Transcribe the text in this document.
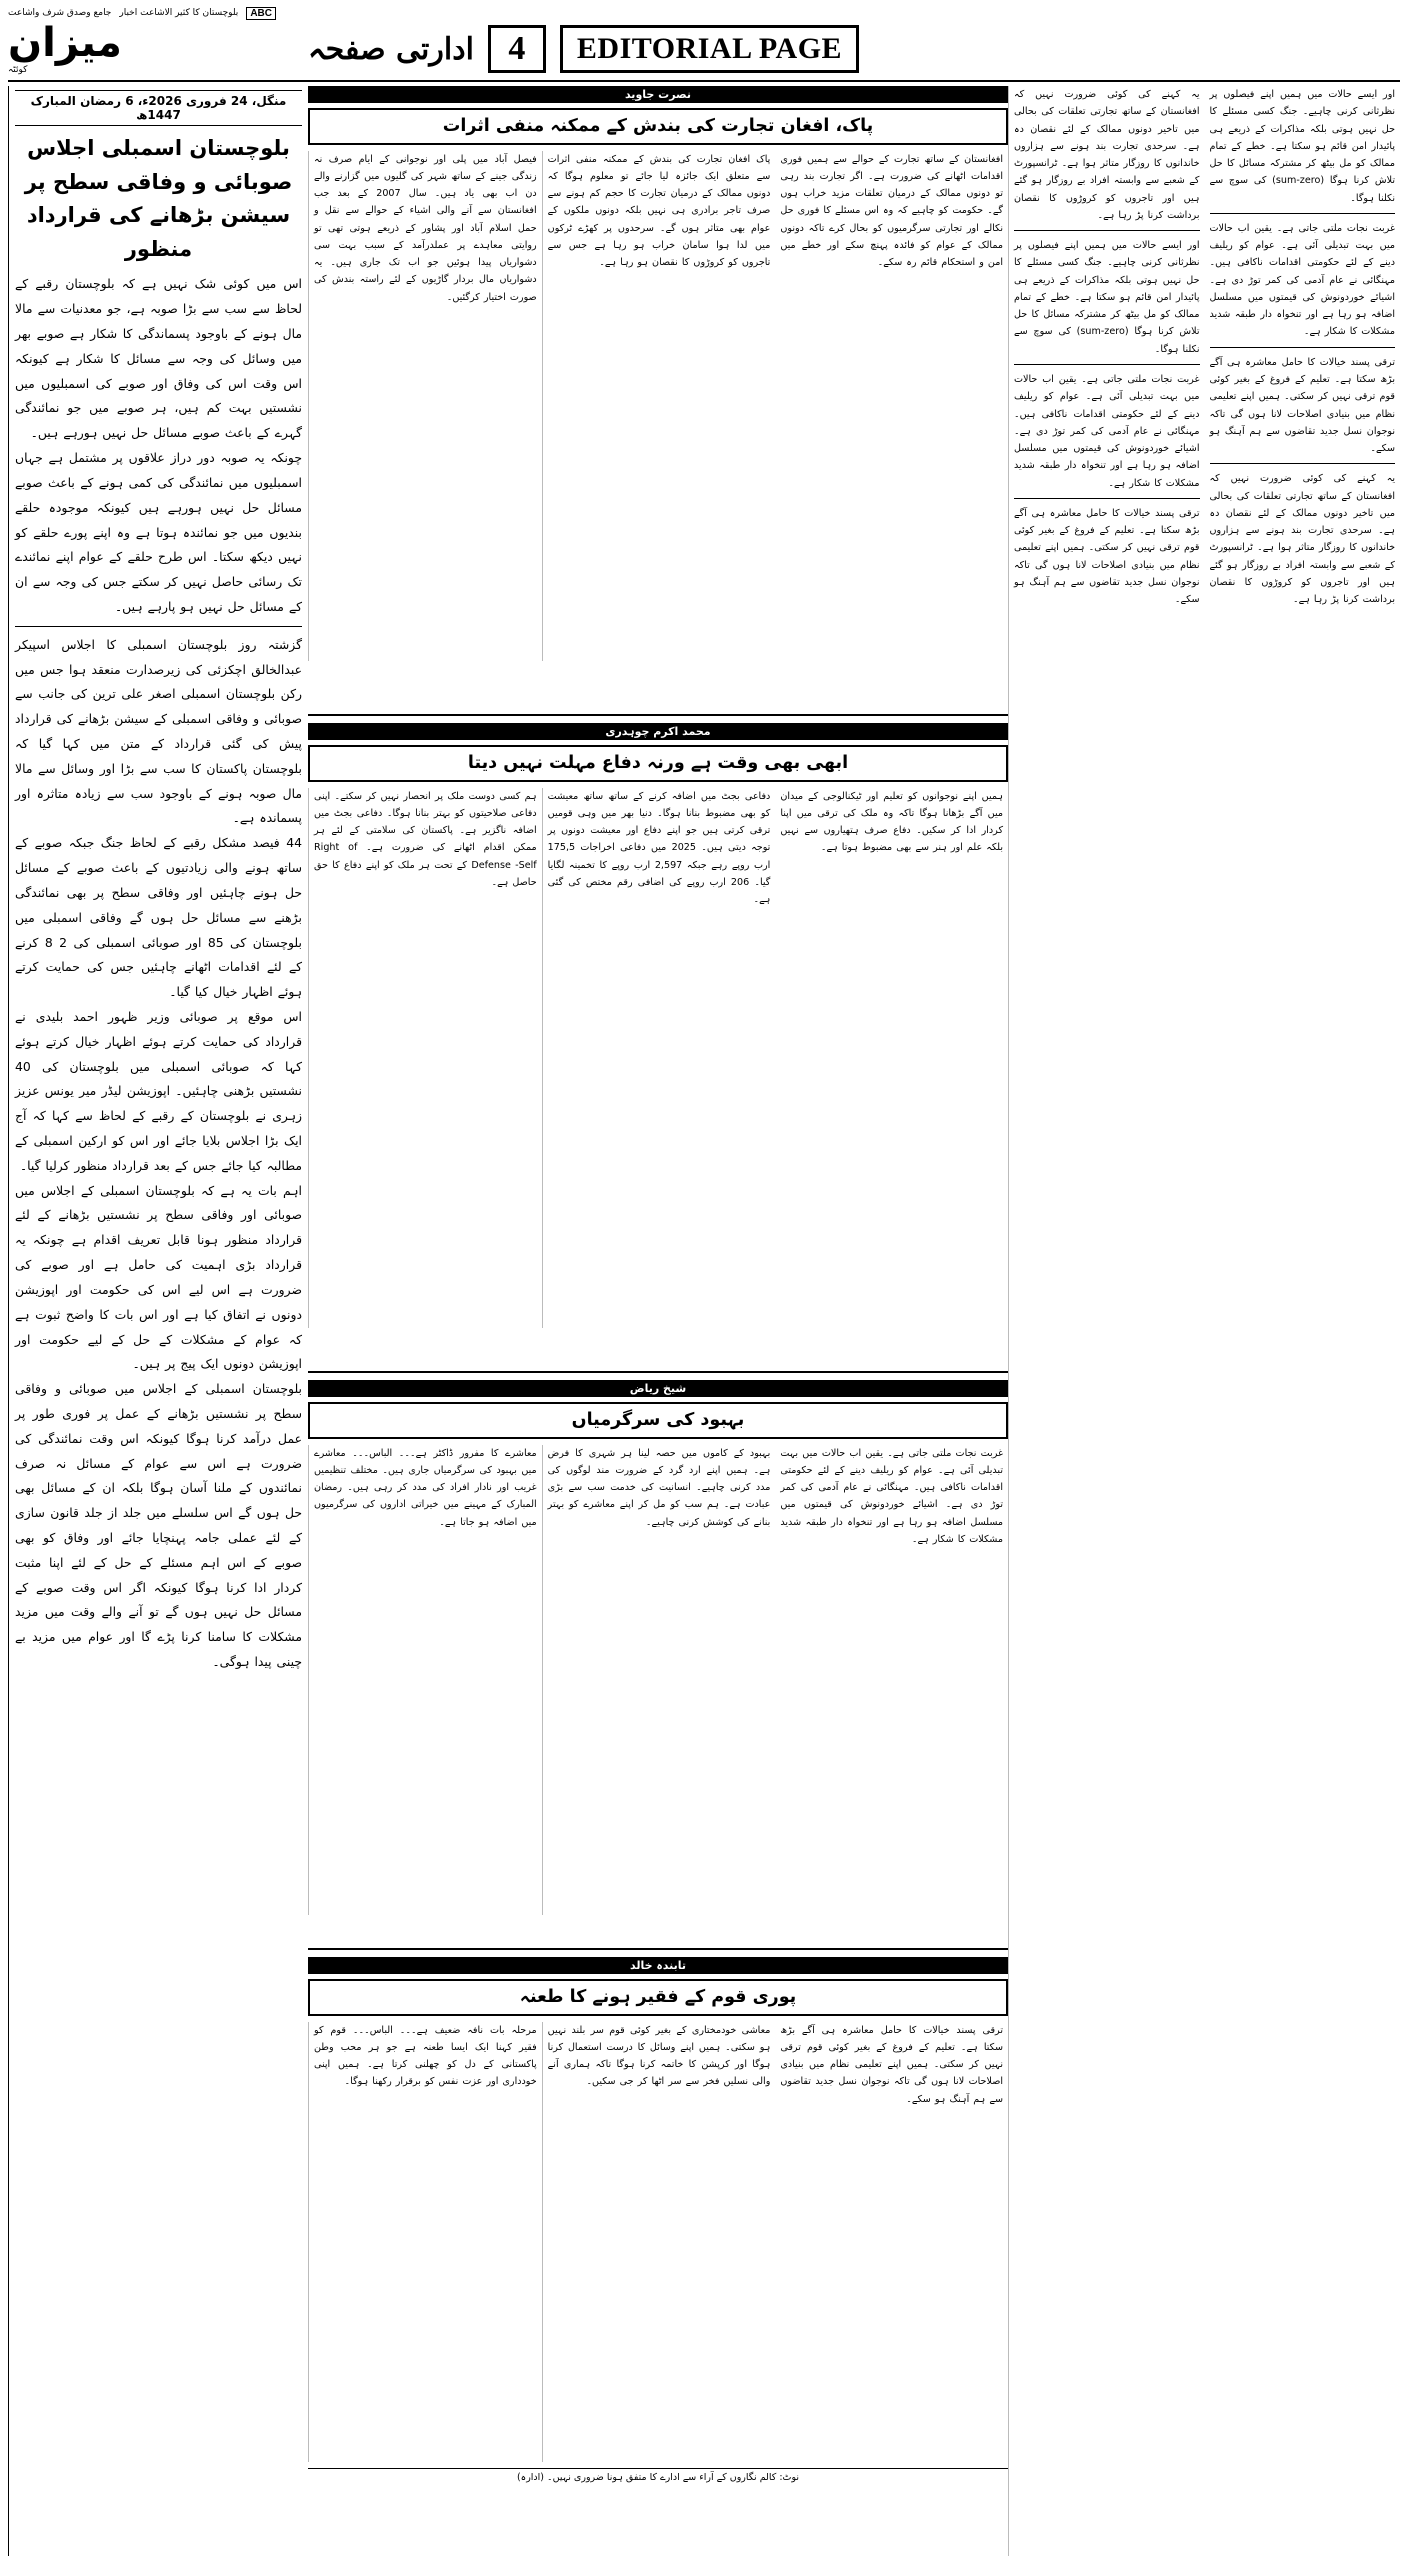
جامع وصدق شرف واشاعت بلوچستان کا کثیر الاشاعت اخبار	ABC
میزان
کوئٹہ
ادارتی صفحہ	4	EDITORIAL PAGE
منگل، 24 فروری 2026ء، 6 رمضان المبارک 1447ھ
بلوچستان اسمبلی اجلاس صوبائی و وفاقی سطح پر سیشن بڑھانے کی قرارداد منظور
اس میں کوئی شک نہیں ہے کہ بلوچستان رقبے کے لحاظ سے سب سے بڑا صوبہ ہے، جو معدنیات سے مالا مال ہونے کے باوجود پسماندگی کا شکار ہے صوبے بھر میں وسائل کی وجہ سے مسائل کا شکار ہے کیونکہ اس وقت اس کی وفاق اور صوبے کی اسمبلیوں میں نشستیں بہت کم ہیں، ہر صوبے میں جو نمائندگی گہرے کے باعث صوبے مسائل حل نہیں ہورہے ہیں۔
چونکہ یہ صوبہ دور دراز علاقوں پر مشتمل ہے جہاں اسمبلیوں میں نمائندگی کی کمی ہونے کے باعث صوبے مسائل حل نہیں ہورہے ہیں کیونکہ موجودہ حلقے بندیوں میں جو نمائندہ ہوتا ہے وہ اپنے پورے حلقے کو نہیں دیکھ سکتا۔ اس طرح حلقے کے عوام اپنے نمائندے تک رسائی حاصل نہیں کر سکتے جس کی وجہ سے ان کے مسائل حل نہیں ہو پارہے ہیں۔
گزشتہ روز بلوچستان اسمبلی کا اجلاس اسپیکر عبدالخالق اچکزئی کی زیرصدارت منعقد ہوا جس میں رکن بلوچستان اسمبلی اصغر علی ترین کی جانب سے صوبائی و وفاقی اسمبلی کے سیشن بڑھانے کی قرارداد پیش کی گئی قرارداد کے متن میں کہا گیا کہ بلوچستان پاکستان کا سب سے بڑا اور وسائل سے مالا مال صوبہ ہونے کے باوجود سب سے زیادہ متاثرہ اور پسماندہ ہے۔
44 فیصد مشکل رقبے کے لحاظ جنگ جبکہ صوبے کے ساتھ ہونے والی زیادتیوں کے باعث صوبے کے مسائل حل ہونے چاہئیں اور وفاقی سطح پر بھی نمائندگی بڑھنے سے مسائل حل ہوں گے وفاقی اسمبلی میں بلوچستان کی 85 اور صوبائی اسمبلی کی 2 8 کرنے کے لئے اقدامات اٹھانے چاہئیں جس کی حمایت کرتے ہوئے اظہار خیال کیا گیا۔
اس موقع پر صوبائی وزیر ظہور احمد بلیدی نے قرارداد کی حمایت کرتے ہوئے اظہار خیال کرتے ہوئے کہا کہ صوبائی اسمبلی میں بلوچستان کی 40 نشستیں بڑھنی چاہئیں۔ اپوزیشن لیڈر میر یونس عزیز زہری نے بلوچستان کے رقبے کے لحاظ سے کہا کہ آج ایک بڑا اجلاس بلایا جائے اور اس کو ارکین اسمبلی کے مطالبہ کیا جائے جس کے بعد قرارداد منظور کرلیا گیا۔
اہم بات یہ ہے کہ بلوچستان اسمبلی کے اجلاس میں صوبائی اور وفاقی سطح پر نشستیں بڑھانے کے لئے قرارداد منظور ہونا قابل تعریف اقدام ہے چونکہ یہ قرارداد بڑی اہمیت کی حامل ہے اور صوبے کی ضرورت ہے اس لیے اس کی حکومت اور اپوزیشن دونوں نے اتفاق کیا ہے اور اس بات کا واضح ثبوت ہے کہ عوام کے مشکلات کے حل کے لیے حکومت اور اپوزیشن دونوں ایک پیج پر ہیں۔
بلوچستان اسمبلی کے اجلاس میں صوبائی و وفاقی سطح پر نشستیں بڑھانے کے عمل پر فوری طور پر عمل درآمد کرنا ہوگا کیونکہ اس وقت نمائندگی کی ضرورت ہے اس سے عوام کے مسائل نہ صرف نمائندوں کے ملنا آسان ہوگا بلکہ ان کے مسائل بھی حل ہوں گے اس سلسلے میں جلد از جلد قانون سازی کے لئے عملی جامہ پہنچایا جائے اور وفاق کو بھی صوبے کے اس اہم مسئلے کے حل کے لئے اپنا مثبت کردار ادا کرنا ہوگا کیونکہ اگر اس وقت صوبے کے مسائل حل نہیں ہوں گے تو آنے والے وقت میں مزید مشکلات کا سامنا کرنا پڑے گا اور عوام میں مزید بے چینی پیدا ہوگی۔
نصرت جاوید
پاک، افغان تجارت کی بندش کے ممکنہ منفی اثرات
فیصل آباد میں پلی اور نوجوانی کے ایام صرف نہ زندگی جینے کے ساتھ شہر کی گلیوں میں گزارنے والے دن اب بھی یاد ہیں۔ سال 2007 کے بعد جب افغانستان سے آنے والی اشیاء کے حوالے سے نقل و حمل اسلام آباد اور پشاور کے ذریعے ہوتی تھی تو روایتی معاہدے پر عملدرآمد کے سبب بہت سی دشواریاں پیدا ہوئیں جو اب تک جاری ہیں۔ یہ دشواریاں مال بردار گاڑیوں کے لئے راستہ بندش کی صورت اختیار کرگئیں۔
پاک افغان تجارت کی بندش کے ممکنہ منفی اثرات سے متعلق ایک جائزہ لیا جائے تو معلوم ہوگا کہ دونوں ممالک کے درمیان تجارت کا حجم کم ہونے سے صرف تاجر برادری ہی نہیں بلکہ دونوں ملکوں کے عوام بھی متاثر ہوں گے۔ سرحدوں پر کھڑے ٹرکوں میں لدا ہوا سامان خراب ہو رہا ہے جس سے تاجروں کو کروڑوں کا نقصان ہو رہا ہے۔
افغانستان کے ساتھ تجارت کے حوالے سے ہمیں فوری اقدامات اٹھانے کی ضرورت ہے۔ اگر تجارت بند رہی تو دونوں ممالک کے درمیان تعلقات مزید خراب ہوں گے۔ حکومت کو چاہیے کہ وہ اس مسئلے کا فوری حل نکالے اور تجارتی سرگرمیوں کو بحال کرے تاکہ دونوں ممالک کے عوام کو فائدہ پہنچ سکے اور خطے میں امن و استحکام قائم رہ سکے۔
محمد اکرم چوہدری
ابھی بھی وقت ہے ورنہ دفاع مہلت نہیں دیتا
ہم کسی دوست ملک پر انحصار نہیں کر سکتے۔ اپنی دفاعی صلاحیتوں کو بہتر بنانا ہوگا۔ دفاعی بجٹ میں اضافہ ناگزیر ہے۔ پاکستان کی سلامتی کے لئے ہر ممکن اقدام اٹھانے کی ضرورت ہے۔ Right of Defense -Self کے تحت ہر ملک کو اپنے دفاع کا حق حاصل ہے۔
دفاعی بجٹ میں اضافہ کرنے کے ساتھ ساتھ معیشت کو بھی مضبوط بنانا ہوگا۔ دنیا بھر میں وہی قومیں ترقی کرتی ہیں جو اپنے دفاع اور معیشت دونوں پر توجہ دیتی ہیں۔ 2025 میں دفاعی اخراجات 175,5 ارب روپے رہے جبکہ 2,597 ارب روپے کا تخمینہ لگایا گیا۔ 206 ارب روپے کی اضافی رقم مختص کی گئی ہے۔
ہمیں اپنے نوجوانوں کو تعلیم اور ٹیکنالوجی کے میدان میں آگے بڑھانا ہوگا تاکہ وہ ملک کی ترقی میں اپنا کردار ادا کر سکیں۔ دفاع صرف ہتھیاروں سے نہیں بلکہ علم اور ہنر سے بھی مضبوط ہوتا ہے۔
شیخ ریاض
بہبود کی سرگرمیاں
معاشرے کا مفرور ڈاکٹر ہے۔۔۔ الباس۔۔۔ معاشرے میں بہبود کی سرگرمیاں جاری ہیں۔ مختلف تنظیمیں غریب اور نادار افراد کی مدد کر رہی ہیں۔ رمضان المبارک کے مہینے میں خیراتی اداروں کی سرگرمیوں میں اضافہ ہو جاتا ہے۔
بہبود کے کاموں میں حصہ لینا ہر شہری کا فرض ہے۔ ہمیں اپنے ارد گرد کے ضرورت مند لوگوں کی مدد کرنی چاہیے۔ انسانیت کی خدمت سب سے بڑی عبادت ہے۔ ہم سب کو مل کر اپنے معاشرے کو بہتر بنانے کی کوشش کرنی چاہیے۔
غربت نجات ملتی جاتی ہے۔ یقین اب حالات میں بہت تبدیلی آئی ہے۔ عوام کو ریلیف دینے کے لئے حکومتی اقدامات ناکافی ہیں۔ مہنگائی نے عام آدمی کی کمر توڑ دی ہے۔ اشیائے خوردونوش کی قیمتوں میں مسلسل اضافہ ہو رہا ہے اور تنخواہ دار طبقہ شدید مشکلات کا شکار ہے۔
تابندہ خالد
پوری قوم کے فقیر ہونے کا طعنہ
مرحلہ بات نافہ ضعیف ہے۔۔۔ الباس۔۔۔ قوم کو فقیر کہنا ایک ایسا طعنہ ہے جو ہر محب وطن پاکستانی کے دل کو چھلنی کرتا ہے۔ ہمیں اپنی خودداری اور عزت نفس کو برقرار رکھنا ہوگا۔
معاشی خودمختاری کے بغیر کوئی قوم سر بلند نہیں ہو سکتی۔ ہمیں اپنے وسائل کا درست استعمال کرنا ہوگا اور کرپشن کا خاتمہ کرنا ہوگا تاکہ ہماری آنے والی نسلیں فخر سے سر اٹھا کر جی سکیں۔
ترقی پسند خیالات کا حامل معاشرہ ہی آگے بڑھ سکتا ہے۔ تعلیم کے فروغ کے بغیر کوئی قوم ترقی نہیں کر سکتی۔ ہمیں اپنے تعلیمی نظام میں بنیادی اصلاحات لانا ہوں گی تاکہ نوجوان نسل جدید تقاضوں سے ہم آہنگ ہو سکے۔
نوٹ: کالم نگاروں کے آراء سے ادارے کا متفق ہونا ضروری نہیں۔ (ادارہ)
یہ کہنے کی کوئی ضرورت نہیں کہ افغانستان کے ساتھ تجارتی تعلقات کی بحالی میں تاخیر دونوں ممالک کے لئے نقصان دہ ہے۔ سرحدی تجارت بند ہونے سے ہزاروں خاندانوں کا روزگار متاثر ہوا ہے۔ ٹرانسپورٹ کے شعبے سے وابستہ افراد بے روزگار ہو گئے ہیں اور تاجروں کو کروڑوں کا نقصان برداشت کرنا پڑ رہا ہے۔
اور ایسے حالات میں ہمیں اپنے فیصلوں پر نظرثانی کرنی چاہیے۔ جنگ کسی مسئلے کا حل نہیں ہوتی بلکہ مذاکرات کے ذریعے ہی پائیدار امن قائم ہو سکتا ہے۔ خطے کے تمام ممالک کو مل بیٹھ کر مشترکہ مسائل کا حل تلاش کرنا ہوگا (sum-zero) کی سوچ سے نکلنا ہوگا۔
غربت نجات ملتی جاتی ہے۔ یقین اب حالات میں بہت تبدیلی آئی ہے۔ عوام کو ریلیف دینے کے لئے حکومتی اقدامات ناکافی ہیں۔ مہنگائی نے عام آدمی کی کمر توڑ دی ہے۔ اشیائے خوردونوش کی قیمتوں میں مسلسل اضافہ ہو رہا ہے اور تنخواہ دار طبقہ شدید مشکلات کا شکار ہے۔
ترقی پسند خیالات کا حامل معاشرہ ہی آگے بڑھ سکتا ہے۔ تعلیم کے فروغ کے بغیر کوئی قوم ترقی نہیں کر سکتی۔ ہمیں اپنے تعلیمی نظام میں بنیادی اصلاحات لانا ہوں گی تاکہ نوجوان نسل جدید تقاضوں سے ہم آہنگ ہو سکے۔
اور ایسے حالات میں ہمیں اپنے فیصلوں پر نظرثانی کرنی چاہیے۔ جنگ کسی مسئلے کا حل نہیں ہوتی بلکہ مذاکرات کے ذریعے ہی پائیدار امن قائم ہو سکتا ہے۔ خطے کے تمام ممالک کو مل بیٹھ کر مشترکہ مسائل کا حل تلاش کرنا ہوگا (sum-zero) کی سوچ سے نکلنا ہوگا۔
غربت نجات ملتی جاتی ہے۔ یقین اب حالات میں بہت تبدیلی آئی ہے۔ عوام کو ریلیف دینے کے لئے حکومتی اقدامات ناکافی ہیں۔ مہنگائی نے عام آدمی کی کمر توڑ دی ہے۔ اشیائے خوردونوش کی قیمتوں میں مسلسل اضافہ ہو رہا ہے اور تنخواہ دار طبقہ شدید مشکلات کا شکار ہے۔
ترقی پسند خیالات کا حامل معاشرہ ہی آگے بڑھ سکتا ہے۔ تعلیم کے فروغ کے بغیر کوئی قوم ترقی نہیں کر سکتی۔ ہمیں اپنے تعلیمی نظام میں بنیادی اصلاحات لانا ہوں گی تاکہ نوجوان نسل جدید تقاضوں سے ہم آہنگ ہو سکے۔
یہ کہنے کی کوئی ضرورت نہیں کہ افغانستان کے ساتھ تجارتی تعلقات کی بحالی میں تاخیر دونوں ممالک کے لئے نقصان دہ ہے۔ سرحدی تجارت بند ہونے سے ہزاروں خاندانوں کا روزگار متاثر ہوا ہے۔ ٹرانسپورٹ کے شعبے سے وابستہ افراد بے روزگار ہو گئے ہیں اور تاجروں کو کروڑوں کا نقصان برداشت کرنا پڑ رہا ہے۔
